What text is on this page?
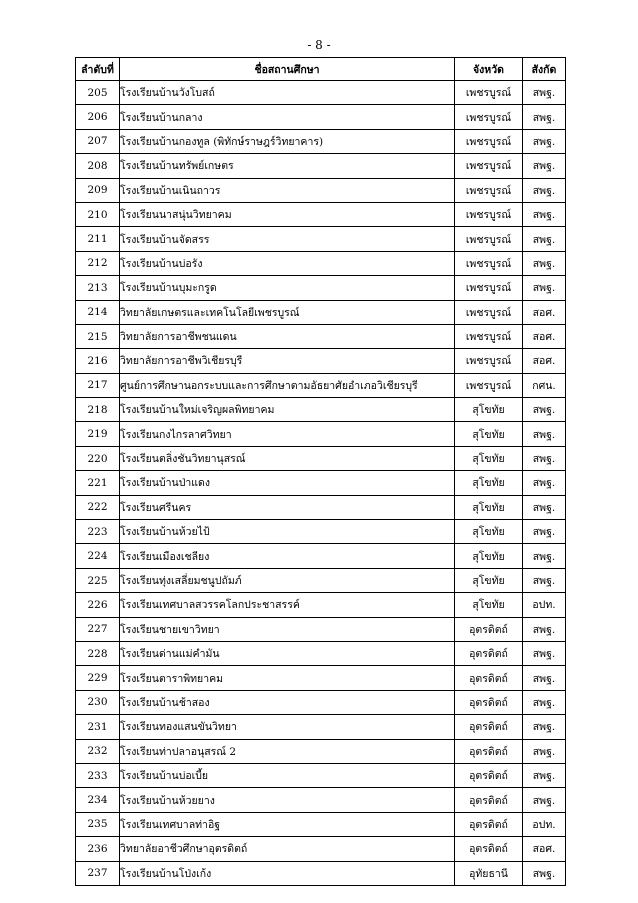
- 8 -
ลำดับที่	ชื่อสถานศึกษา	จังหวัด	สังกัด
205	โรงเรียนบ้านวังโบสถ์	เพชรบูรณ์	สพฐ.
206	โรงเรียนบ้านกลาง	เพชรบูรณ์	สพฐ.
207	โรงเรียนบ้านกองทูล (พิทักษ์ราษฎร์วิทยาคาร)	เพชรบูรณ์	สพฐ.
208	โรงเรียนบ้านทรัพย์เกษตร	เพชรบูรณ์	สพฐ.
209	โรงเรียนบ้านเนินถาวร	เพชรบูรณ์	สพฐ.
210	โรงเรียนนาสนุ่นวิทยาคม	เพชรบูรณ์	สพฐ.
211	โรงเรียนบ้านจัดสรร	เพชรบูรณ์	สพฐ.
212	โรงเรียนบ้านบ่อรัง	เพชรบูรณ์	สพฐ.
213	โรงเรียนบ้านบุมะกรูด	เพชรบูรณ์	สพฐ.
214	วิทยาลัยเกษตรและเทคโนโลยีเพชรบูรณ์	เพชรบูรณ์	สอศ.
215	วิทยาลัยการอาชีพชนแดน	เพชรบูรณ์	สอศ.
216	วิทยาลัยการอาชีพวิเชียรบุรี	เพชรบูรณ์	สอศ.
217	ศูนย์การศึกษานอกระบบและการศึกษาตามอัธยาศัยอำเภอวิเชียรบุรี	เพชรบูรณ์	กศน.
218	โรงเรียนบ้านใหม่เจริญผลพิทยาคม	สุโขทัย	สพฐ.
219	โรงเรียนกงไกรลาศวิทยา	สุโขทัย	สพฐ.
220	โรงเรียนตลิ่งชันวิทยานุสรณ์	สุโขทัย	สพฐ.
221	โรงเรียนบ้านป่าแดง	สุโขทัย	สพฐ.
222	โรงเรียนศรีนคร	สุโขทัย	สพฐ.
223	โรงเรียนบ้านห้วยไป้	สุโขทัย	สพฐ.
224	โรงเรียนเมืองเชลียง	สุโขทัย	สพฐ.
225	โรงเรียนทุ่งเสลี่ยมชนูปถัมภ์	สุโขทัย	สพฐ.
226	โรงเรียนเทศบาลสวรรคโลกประชาสรรค์	สุโขทัย	อปท.
227	โรงเรียนชายเขาวิทยา	อุตรดิตถ์	สพฐ.
228	โรงเรียนด่านแม่คำมัน	อุตรดิตถ์	สพฐ.
229	โรงเรียนตาราพิทยาคม	อุตรดิตถ์	สพฐ.
230	โรงเรียนบ้านช้าสอง	อุตรดิตถ์	สพฐ.
231	โรงเรียนทองแสนขันวิทยา	อุตรดิตถ์	สพฐ.
232	โรงเรียนท่าปลาอนุสรณ์ 2	อุตรดิตถ์	สพฐ.
233	โรงเรียนบ้านบ่อเบี้ย	อุตรดิตถ์	สพฐ.
234	โรงเรียนบ้านห้วยยาง	อุตรดิตถ์	สพฐ.
235	โรงเรียนเทศบาลท่าอิฐ	อุตรดิตถ์	อปท.
236	วิทยาลัยอาชีวศึกษาอุตรดิตถ์	อุตรดิตถ์	สอศ.
237	โรงเรียนบ้านโป่งเก้ง	อุทัยธานี	สพฐ.
